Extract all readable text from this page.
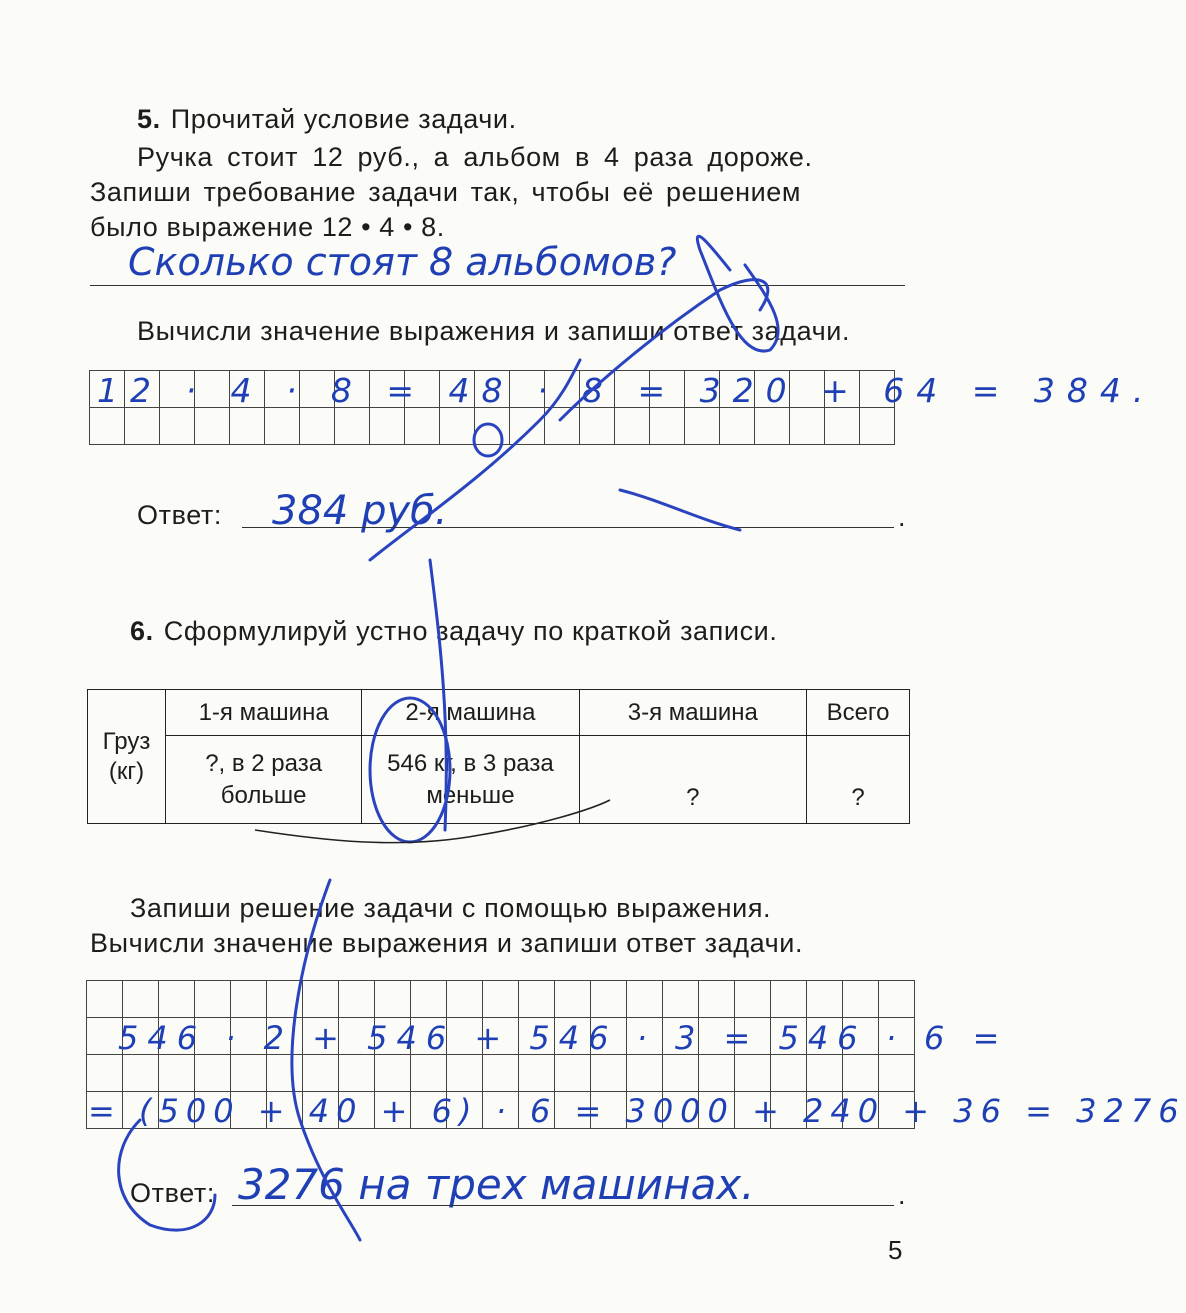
5. Прочитай условие задачи.
Ручка стоит 12 руб., а альбом в 4 раза дороже.
Запиши требование задачи так, чтобы её решением
было выражение 12 • 4 • 8.
Сколько стоят 8 альбомов?
Вычисли значение выражения и запиши ответ задачи.

12 · 4 · 8 = 48 · 8 = 320 + 64 = 384.
Ответ: 384 руб.	.
6. Сформулируй устно задачу по краткой записи.
Груз (кг)	1-я машина	2-я машина	3-я машина	Всего
	?, в 2 раза больше	546 кг, в 3 раза меньше	?	?
Запиши решение задачи с помощью выражения.
Вычисли значение выражения и запиши ответ задачи.

546 · 2 + 546 + 546 · 3 = 546 · 6 =
= (500 + 40 + 6) · 6 = 3000 + 240 + 36 = 3276
Ответ: 3276 на трех машинах.	.
5
